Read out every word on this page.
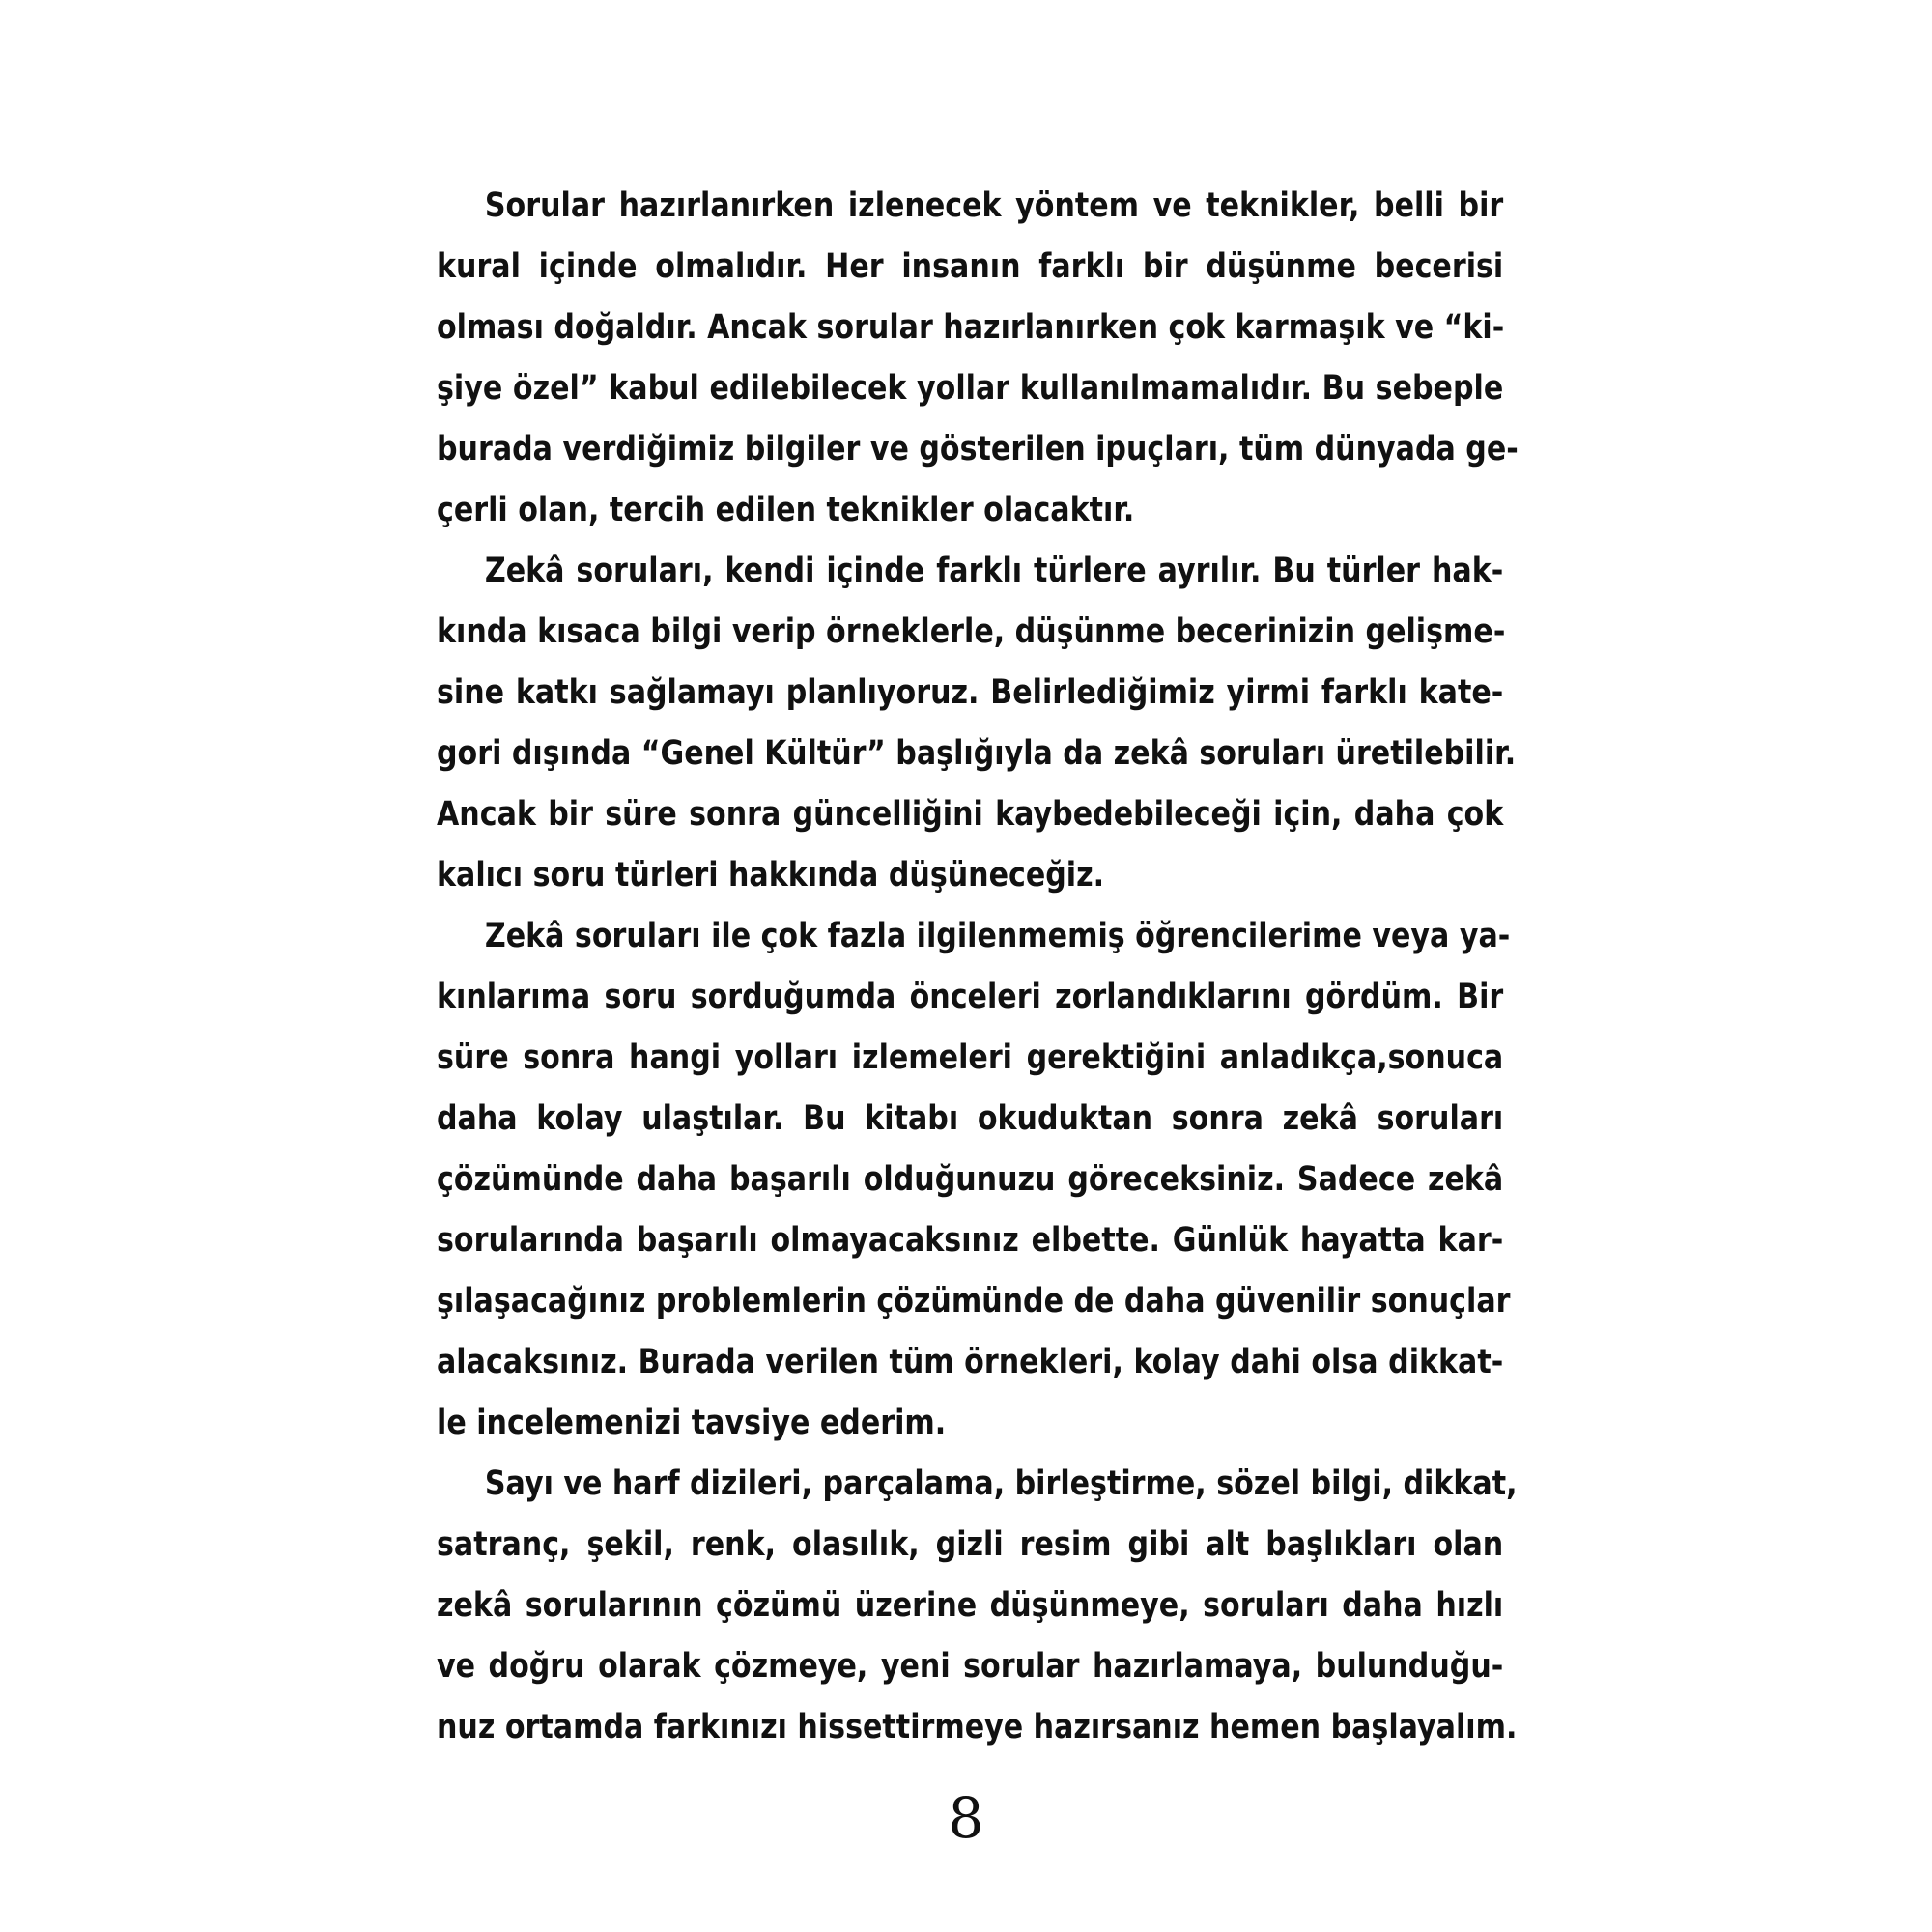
Sorular hazırlanırken izlenecek yöntem ve teknikler, belli bir
kural içinde olmalıdır. Her insanın farklı bir düşünme becerisi
olması doğaldır. Ancak sorular hazırlanırken çok karmaşık ve “ki-
şiye özel” kabul edilebilecek yollar kullanılmamalıdır. Bu sebeple
burada verdiğimiz bilgiler ve gösterilen ipuçları, tüm dünyada ge-
çerli olan, tercih edilen teknikler olacaktır.
Zekâ soruları, kendi içinde farklı türlere ayrılır. Bu türler hak-
kında kısaca bilgi verip örneklerle, düşünme becerinizin gelişme-
sine katkı sağlamayı planlıyoruz. Belirlediğimiz yirmi farklı kate-
gori dışında “Genel Kültür” başlığıyla da zekâ soruları üretilebilir.
Ancak bir süre sonra güncelliğini kaybedebileceği için, daha çok
kalıcı soru türleri hakkında düşüneceğiz.
Zekâ soruları ile çok fazla ilgilenmemiş öğrencilerime veya ya-
kınlarıma soru sorduğumda önceleri zorlandıklarını gördüm. Bir
süre sonra hangi yolları izlemeleri gerektiğini anladıkça,sonuca
daha kolay ulaştılar. Bu kitabı okuduktan sonra zekâ soruları
çözümünde daha başarılı olduğunuzu göreceksiniz. Sadece zekâ
sorularında başarılı olmayacaksınız elbette. Günlük hayatta kar-
şılaşacağınız problemlerin çözümünde de daha güvenilir sonuçlar
alacaksınız. Burada verilen tüm örnekleri, kolay dahi olsa dikkat-
le incelemenizi tavsiye ederim.
Sayı ve harf dizileri, parçalama, birleştirme, sözel bilgi, dikkat,
satranç, şekil, renk, olasılık, gizli resim gibi alt başlıkları olan
zekâ sorularının çözümü üzerine düşünmeye, soruları daha hızlı
ve doğru olarak çözmeye, yeni sorular hazırlamaya, bulunduğu-
nuz ortamda farkınızı hissettirmeye hazırsanız hemen başlayalım.
8
